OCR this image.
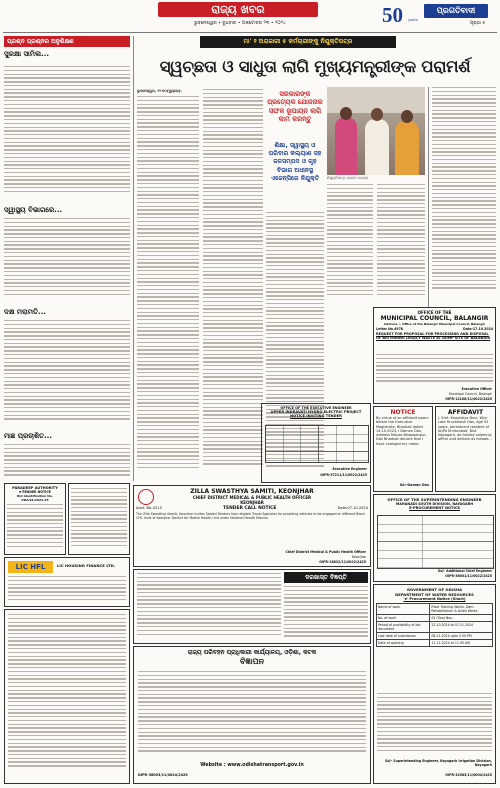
ରାଜ୍ୟ ଖବର
ଭୁବନେଶ୍ୱର • ବୁଧବାର • ଅକ୍ଟୋବର ୨୩ • ୨୦୨୪	50 years
ପ୍ରଗତିବାଦୀ
ପୃଷ୍ଠା ୫
ପ୍ରଶ୍ନ ପ୍ରଶ୍ନର ଅନୁଶିକ୍ଷଣ
ସୁରକ୍ଷା ସାମିଲ...
ସ୍ୱାସ୍ଥ୍ୟ ବିଭାଗରେ...
ଦକ୍ଷ ମରାମତି...
ମାଛ ପ୍ରଚାଶିତ...
ମା' ୨ ଅରାଜାରୀ ୫ କର୍ମଚାରୀଙ୍କୁ ନିଯୁକ୍ତିପତ୍ର
ସ୍ୱଚ୍ଛତା ଓ ସାଧୁତା ଲାଗି ମୁଖ୍ୟମନ୍ତ୍ରୀଙ୍କ ପରାମର୍ଶ
ଭୁବନେଶ୍ୱର, ୨୨।୧୦(ବ୍ୟୁରୋ):	ସରକାରଙ୍କ ପ୍ରତ୍ୟେକ ଯୋଜନାର ସଫଳ ରୂପାୟନ ଲାଗି କାମ କରନ୍ତୁ
ଶିକ୍ଷା, ସ୍ୱାସ୍ଥ୍ୟ ଓ ପରିବାର କଲ୍ୟାଣ ସହ ଜଳସମ୍ପଦ ଓ ଗୃହ ବିଭାଗ ଅଧୀନସ୍ଥ ଏଜେନ୍ସିରେ ନିଯୁକ୍ତି	ନିଯୁକ୍ତିପତ୍ର ବଣ୍ଟନ ଉତ୍ସବ
OFFICE OF THE
MUNICIPAL COUNCIL, BALANGIR
Address :- Office of the Balangir Municipal Council, Balangir
Letter No.4978	Date:17.10.2024
REQUEST FOR PROPOSAL FOR PROCESSING AND DISPOSAL OF BIO MINING LEGACY WASTE AT DUMP SITE OF BALANGIR
Executive Officer
Municipal Council, Balangir
OIPR-12108/11/0022/2425
PARADEEP AUTHORITY
e-TENDER NOTICE
Bid Identification No. PDA/01/2024-25
ZILLA SWASTHYA SAMITI, KEONJHAR
CHIEF DISTRICT MEDICAL & PUBLIC HEALTH OFFICER
KEONJHAR
Advt. No-4215	TENDER CALL NOTICE	Date:07.10.2024
The Zilla Swasthya Samiti, Keonjhar invites Sealed Tenders from eligible Travel Agencies for providing vehicles to be engaged at different Block CHC level of Keonjhar District for Mobile Health Unit under National Health Mission.
Chief District Medical & Public Health Officer
Keonjhar
OIPR-18822/11/0022/2425
OFFICE OF THE EXECUTIVE ENGINEER
UPPER INDRAVATI HYDRO ELECTRIC PROJECT
NOTICE INVITING TENDER
Executive Engineer
OIPR-37211/11/0022/2425
NOTICE
By virtue of an affidavit sworn before the Executive Magistrate, Bhadrak dated 14.10.2024, I Daman Das, Address Mouza Bhagwanpur, Dist Bhadrak declare that I have changed my name.
Sd:-Daman Das
AFFIDAVIT
I, Smt. Kaushalya Devi, W/o: Late Hrushikesh Das, Age 52 years, permanent resident of At/Po Khirtanbad, Dist Nayagarh, do hereby solemnly affirm and declare as follows...
OFFICE OF THE SUPERINTENDING ENGINEER
MAHANADI SOUTH DIVISION, NAYAGARH
E-PROCUREMENT NOTICE
Sd/- Additional Chief Engineer
OIPR-36001/11/0022/2425
LIC HFL	LIC HOUSING FINANCE LTD.
ଦରଖାସ୍ତ ବିଜ୍ଞପ୍ତି
ରାଜ୍ୟ ପରିବହନ ପ୍ରାଧିକାରୀ କାର୍ଯ୍ୟାଳୟ, ଓଡ଼ିଶା, କଟକ
ବିଜ୍ଞାପନ
Website : www.odishatransport.gov.in
DIPR-38003/11/0024/2425
GOVERNMENT OF ODISHA
DEPARTMENT OF WATER RESOURCES
'e' Procurement Notice (Short)
Name of work	River Training Works, Dam Rehabilitation & Allied Works
No. of work	02 (Two) Nos.
Period of availability of bid document	22.10.2024 to 07.11.2024
Last date of submission	08.11.2024 upto 5.00 PM
Date of opening	11.11.2024 at 11.00 AM
Sd/- Superintending Engineer, Nayagarh Irrigation Division, Nayagarh
OIPR-32583/11/0004/2425
